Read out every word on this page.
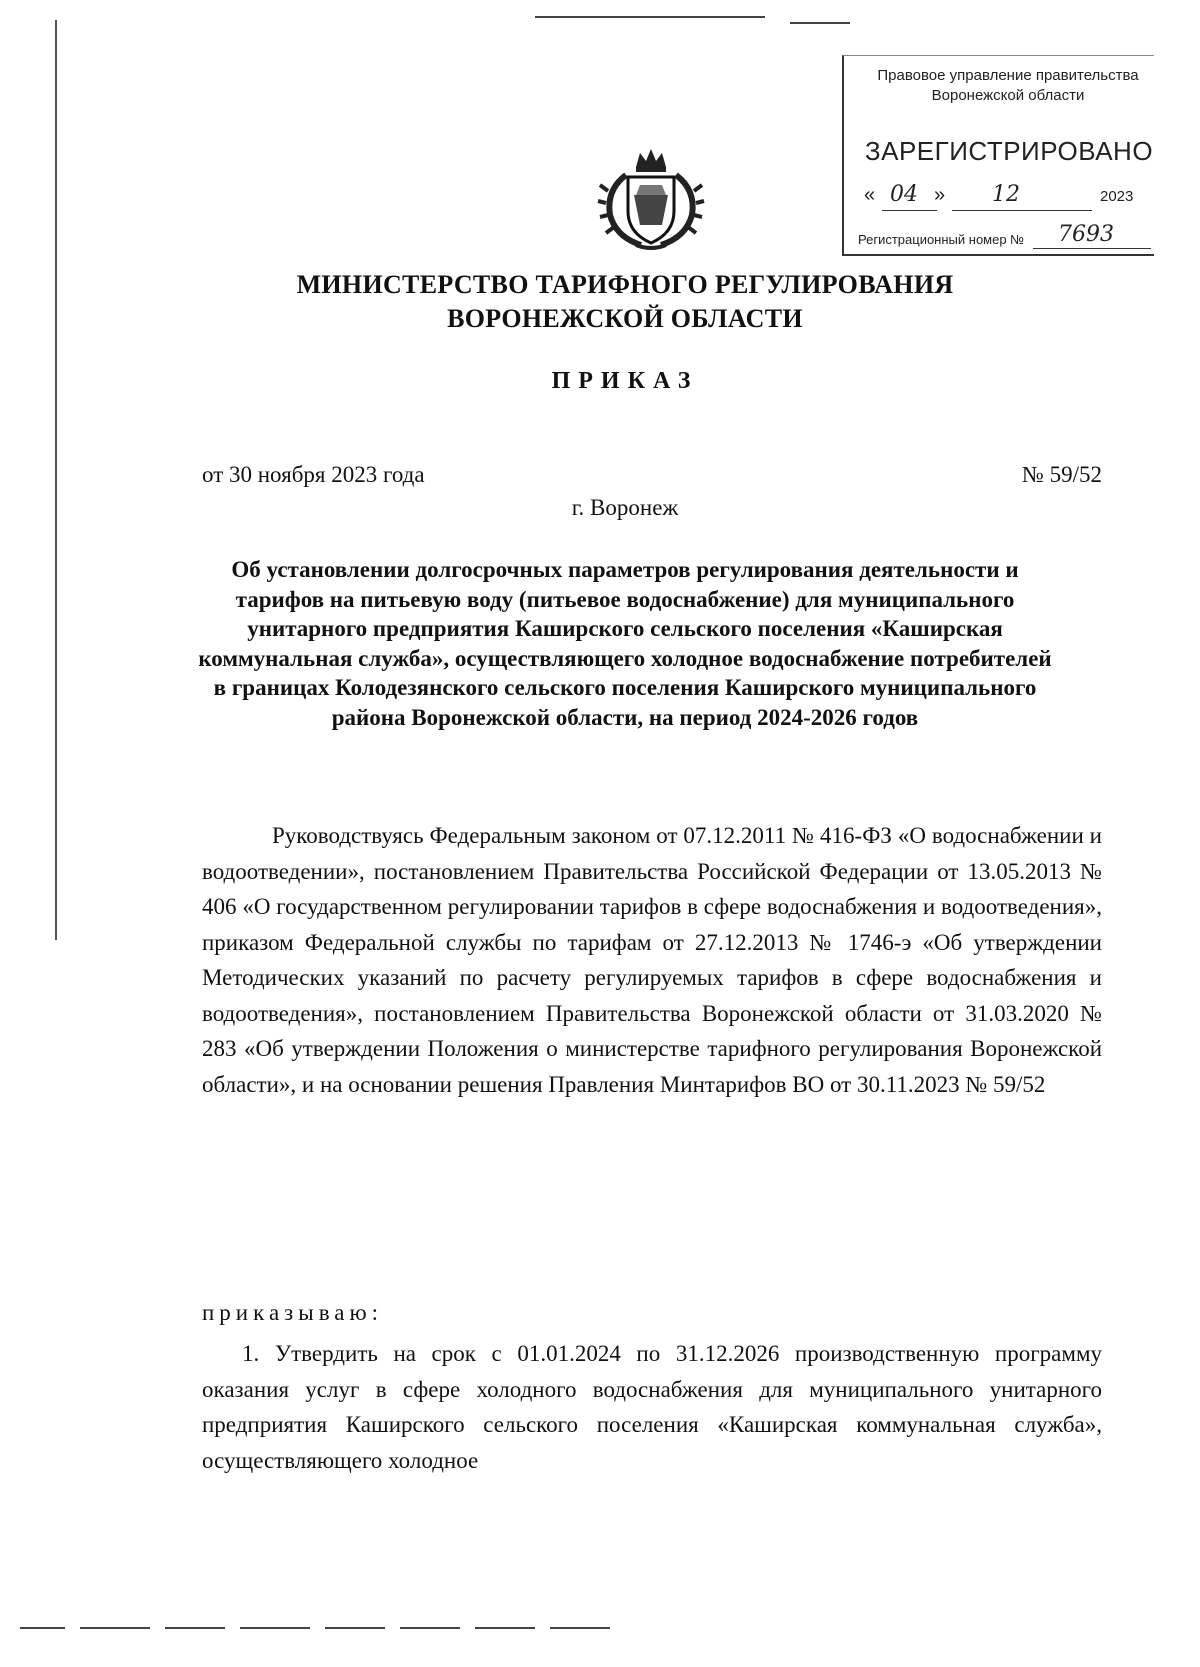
Правовое управление правительства
Воронежской области
ЗАРЕГИСТРИРОВАНО
« 04 » 12	2023
Регистрационный номер № 7693
МИНИСТЕРСТВО ТАРИФНОГО РЕГУЛИРОВАНИЯ
ВОРОНЕЖСКОЙ ОБЛАСТИ
ПРИКАЗ
от 30 ноября 2023 года	№ 59/52
г. Воронеж
Об установлении долгосрочных параметров регулирования деятельности и тарифов на питьевую воду (питьевое водоснабжение) для муниципального унитарного предприятия Каширского сельского поселения «Каширская коммунальная служба», осуществляющего холодное водоснабжение потребителей в границах Колодезянского сельского поселения Каширского муниципального района Воронежской области, на период 2024-2026 годов
Руководствуясь Федеральным законом от 07.12.2011 № 416-ФЗ «О водоснабжении и водоотведении», постановлением Правительства Российской Федерации от 13.05.2013 № 406 «О государственном регулировании тарифов в сфере водоснабжения и водоотведения», приказом Федеральной службы по тарифам от 27.12.2013 № 1746-э «Об утверждении Методических указаний по расчету регулируемых тарифов в сфере водоснабжения и водоотведения», постановлением Правительства Воронежской области от 31.03.2020 № 283 «Об утверждении Положения о министерстве тарифного регулирования Воронежской области», и на основании решения Правления Минтарифов ВО от 30.11.2023 № 59/52
приказываю:
1. Утвердить на срок с 01.01.2024 по 31.12.2026 производственную программу оказания услуг в сфере холодного водоснабжения для муниципального унитарного предприятия Каширского сельского поселения «Каширская коммунальная служба», осуществляющего холодное
